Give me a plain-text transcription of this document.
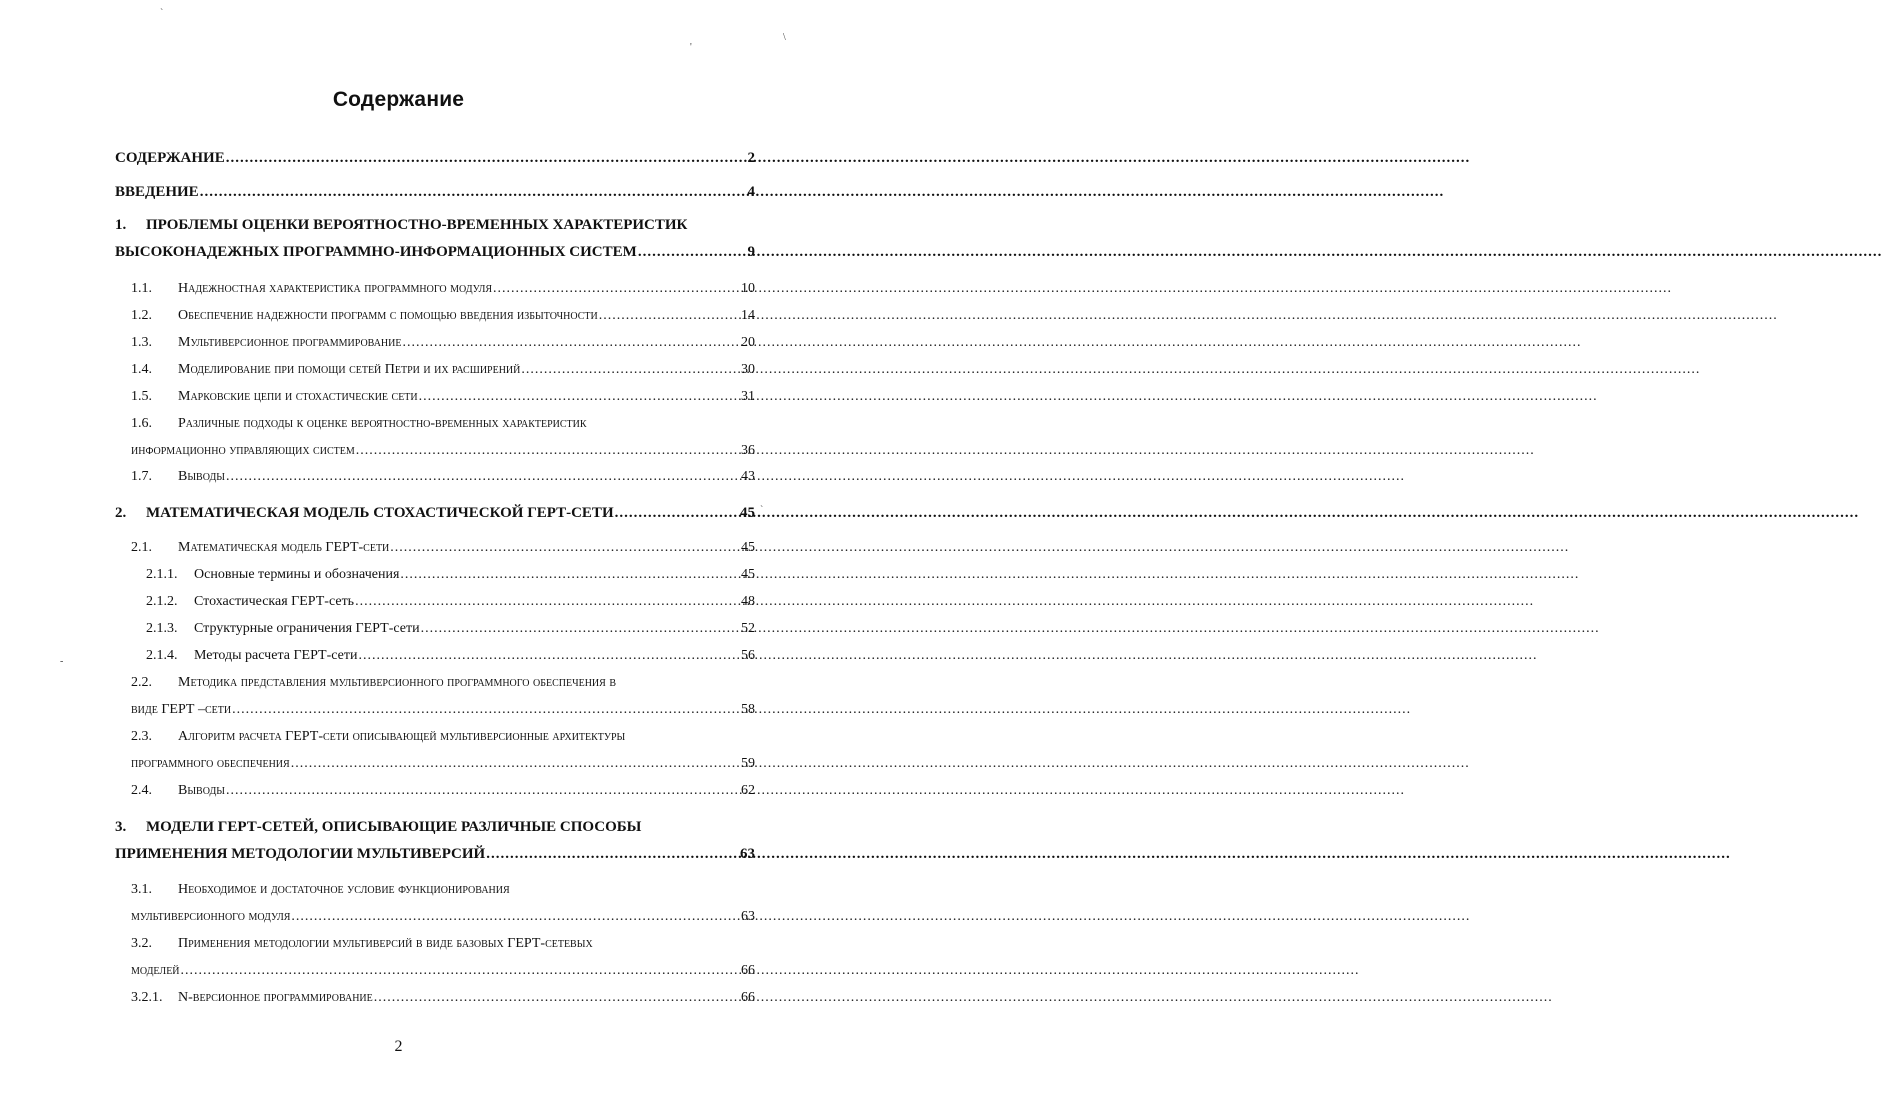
Содержание
СОДЕРЖАНИЕ .....	2
ВВЕДЕНИЕ .....	4
1.	ПРОБЛЕМЫ ОЦЕНКИ ВЕРОЯТНОСТНО-ВРЕМЕННЫХ ХАРАКТЕРИСТИК
ВЫСОКОНАДЕЖНЫХ ПРОГРАММНО-ИНФОРМАЦИОННЫХ СИСТЕМ .....	9
1.1.	Надежностная характеристика программного модуля .....	10
1.2.	Обеспечение надежности программ с помощью введения избыточности .....	14
1.3.	Мультиверсионное программирование .....	20
1.4.	Моделирование при помощи сетей Петри и их расширений .....	30
1.5.	Марковские цепи и стохастические сети .....	31
1.6.	Различные подходы к оценке вероятностно-временных характеристик
информационно управляющих систем .....	36
1.7.	Выводы .....	43
2.	МАТЕМАТИЧЕСКАЯ МОДЕЛЬ СТОХАСТИЧЕСКОЙ ГЕРТ-СЕТИ .....	45
2.1.	Математическая модель ГЕРТ-сети .....	45
2.1.1.	Основные термины и обозначения .....	45
2.1.2.	Стохастическая ГЕРТ-сеть .....	48
2.1.3.	Структурные ограничения ГЕРТ-сети .....	52
2.1.4.	Методы расчета ГЕРТ-сети .....	56
2.2.	Методика представления мультиверсионного программного обеспечения в
виде ГЕРТ –сети .....	58
2.3.	Алгоритм расчета ГЕРТ-сети описывающей мультиверсионные архитектуры
программного обеспечения .....	59
2.4.	Выводы .....	62
3.	МОДЕЛИ ГЕРТ-СЕТЕЙ, ОПИСЫВАЮЩИЕ РАЗЛИЧНЫЕ СПОСОБЫ
ПРИМЕНЕНИЯ МЕТОДОЛОГИИ МУЛЬТИВЕРСИЙ .....	63
3.1.	Необходимое и достаточное условие функционирования
мультиверсионного модуля .....	63
3.2.	Применения методологии мультиверсий в виде базовых ГЕРТ-сетевых
моделей .....	66
3.2.1.	N-версионное программирование .....	66
2
`
'
\
`
-
